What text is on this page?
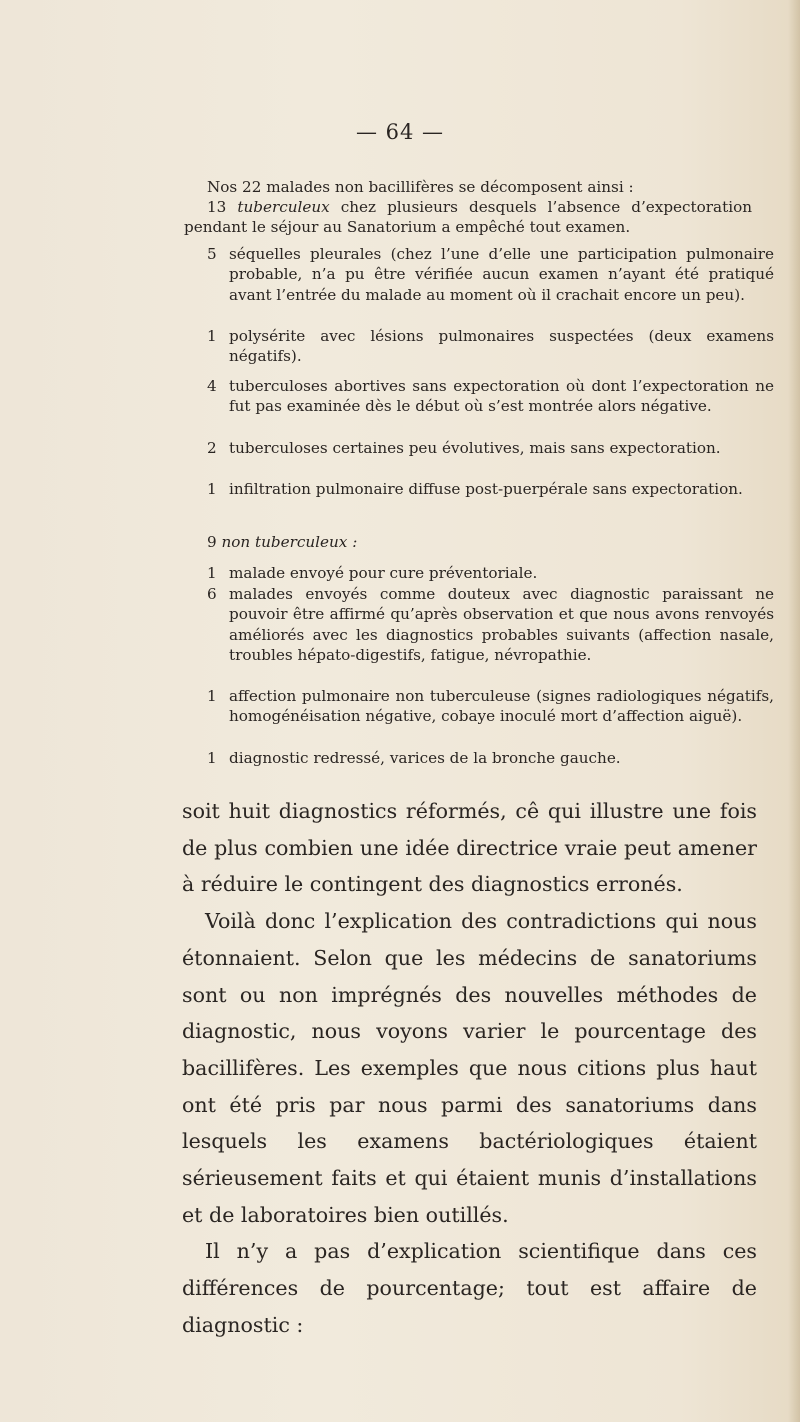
— 64 —
Nos 22 malades non bacillifères se décomposent ainsi :
13 tuberculeux chez plusieurs desquels l’absence d’expectoration pendant le séjour au Sanatorium a empêché tout examen.
5 séquelles pleurales (chez l’une d’elle une participation pulmonaire probable, n’a pu être vérifiée aucun examen n’ayant été pratiqué avant l’entrée du malade au moment où il crachait encore un peu).
1 polysérite avec lésions pulmonaires suspectées (deux examens négatifs).
4 tuberculoses abortives sans expectoration où dont l’expectoration ne fut pas examinée dès le début où s’est montrée alors négative.
2 tuberculoses certaines peu évolutives, mais sans expectoration.
1 infiltration pulmonaire diffuse post-puerpérale sans expectoration.
9 non tuberculeux :
1 malade envoyé pour cure préventoriale.
6 malades envoyés comme douteux avec diagnostic paraissant ne pouvoir être affirmé qu’après observation et que nous avons renvoyés améliorés avec les diagnostics probables suivants (affection nasale, troubles hépato-digestifs, fatigue, névropathie.
1 affection pulmonaire non tuberculeuse (signes radiologiques négatifs, homogénéisation négative, cobaye inoculé mort d’affection aiguë).
1 diagnostic redressé, varices de la bronche gauche.

soit huit diagnostics réformés, cê qui illustre une fois de plus combien une idée directrice vraie peut amener à réduire le contingent des diagnostics erronés.

Voilà donc l’explication des contradictions qui nous étonnaient. Selon que les médecins de sanatoriums sont ou non imprégnés des nouvelles méthodes de diagnostic, nous voyons varier le pourcentage des bacillifères. Les exemples que nous citions plus haut ont été pris par nous parmi des sanatoriums dans lesquels les examens bactériologiques étaient sérieusement faits et qui étaient munis d’installations et de laboratoires bien outillés.

Il n’y a pas d’explication scientifique dans ces différences de pourcentage; tout est affaire de diagnostic :
